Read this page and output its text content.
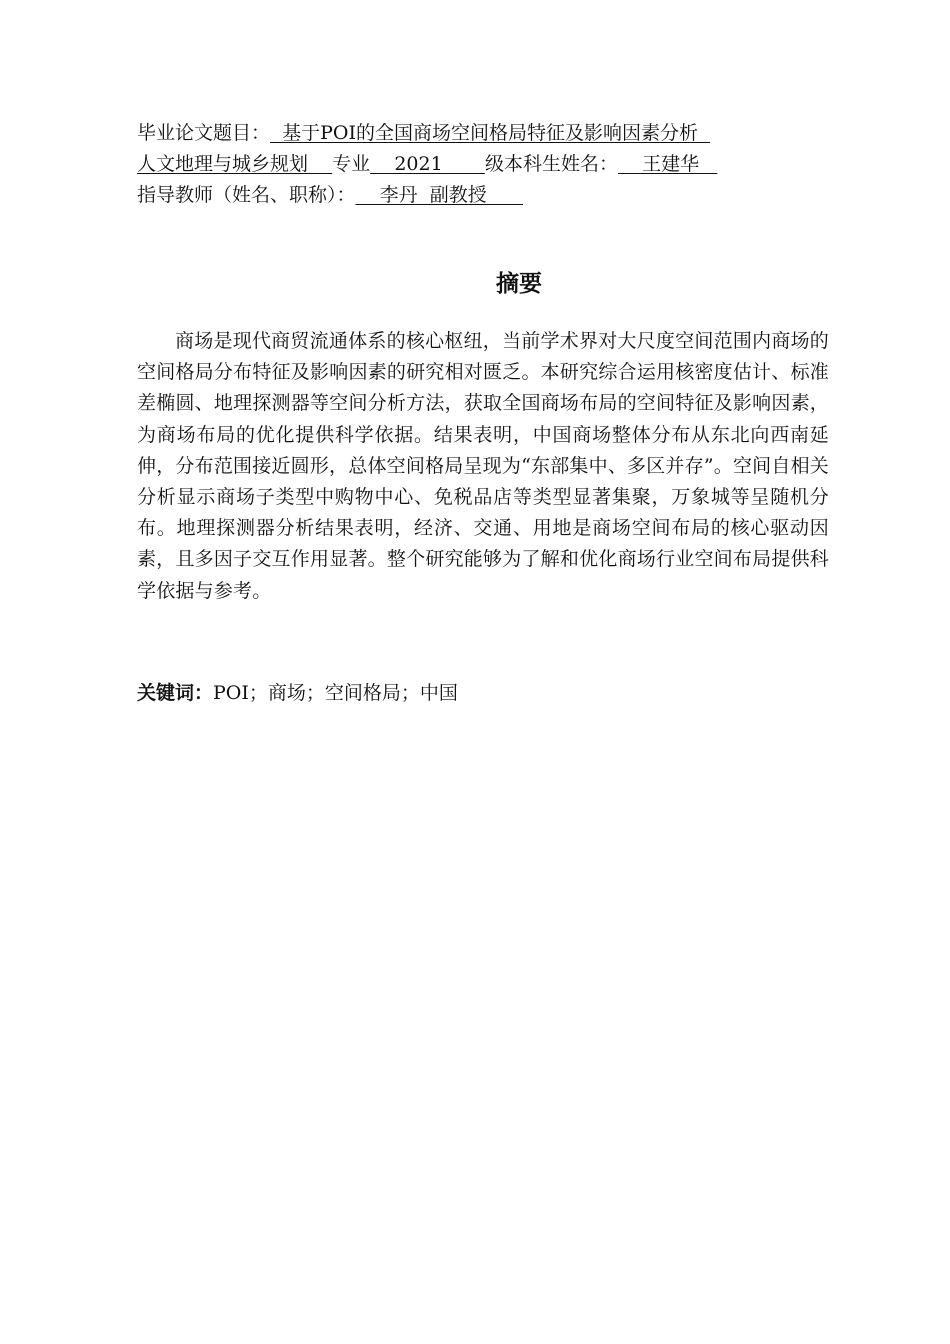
毕业论文题目：  基于POI的全国商场空间格局特征及影响因素分析
人文地理与城乡规划    专业    2021       级本科生姓名：    王建华
指导教师（姓名、职称）：    李丹  副教授
摘要
商场是现代商贸流通体系的核心枢纽，当前学术界对大尺度空间范围内商场的空间格局分布特征及影响因素的研究相对匮乏。本研究综合运用核密度估计、标准差椭圆、地理探测器等空间分析方法，获取全国商场布局的空间特征及影响因素，为商场布局的优化提供科学依据。结果表明，中国商场整体分布从东北向西南延伸，分布范围接近圆形，总体空间格局呈现为“东部集中、多区并存”。空间自相关分析显示商场子类型中购物中心、免税品店等类型显著集聚，万象城等呈随机分布。地理探测器分析结果表明，经济、交通、用地是商场空间布局的核心驱动因素，且多因子交互作用显著。整个研究能够为了解和优化商场行业空间布局提供科学依据与参考。
关键词：POI；商场；空间格局；中国
